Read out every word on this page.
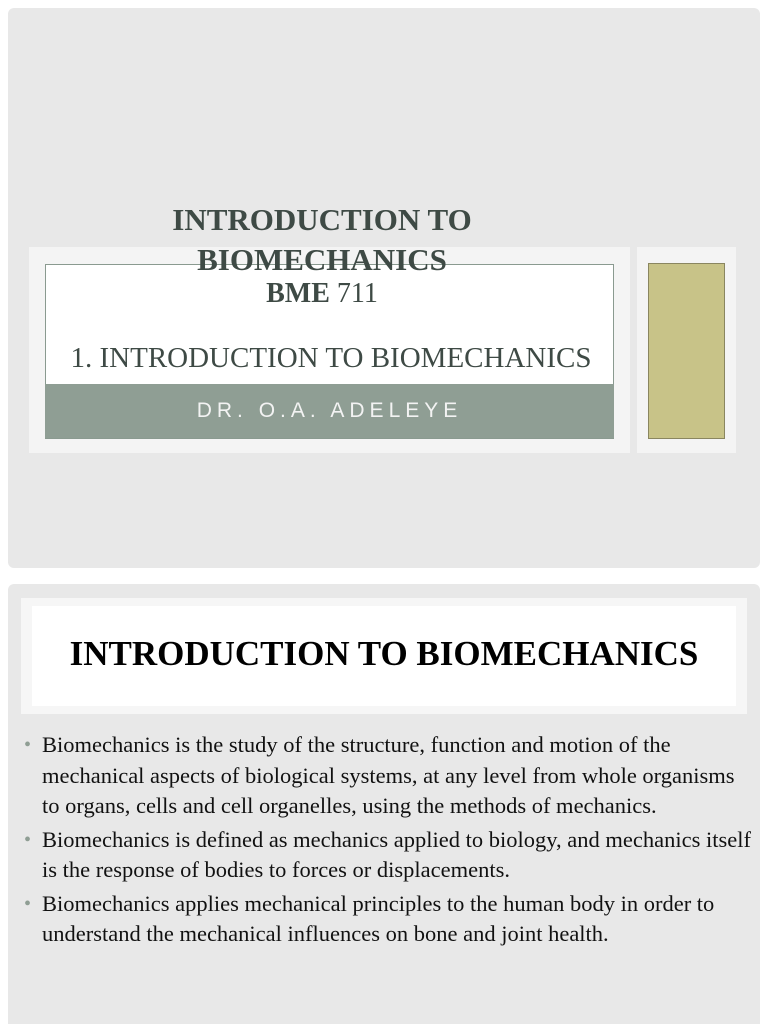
DR. O.A. ADELEYE
INTRODUCTION TO BIOMECHANICS
BME 711
1. INTRODUCTION TO BIOMECHANICS
INTRODUCTION TO BIOMECHANICS
• Biomechanics is the study of the structure, function and motion of the mechanical aspects of biological systems, at any level from whole organisms to organs, cells and cell organelles, using the methods of mechanics.
• Biomechanics is defined as mechanics applied to biology, and mechanics itself is the response of bodies to forces or displacements.
• Biomechanics applies mechanical principles to the human body in order to understand the mechanical influences on bone and joint health.
